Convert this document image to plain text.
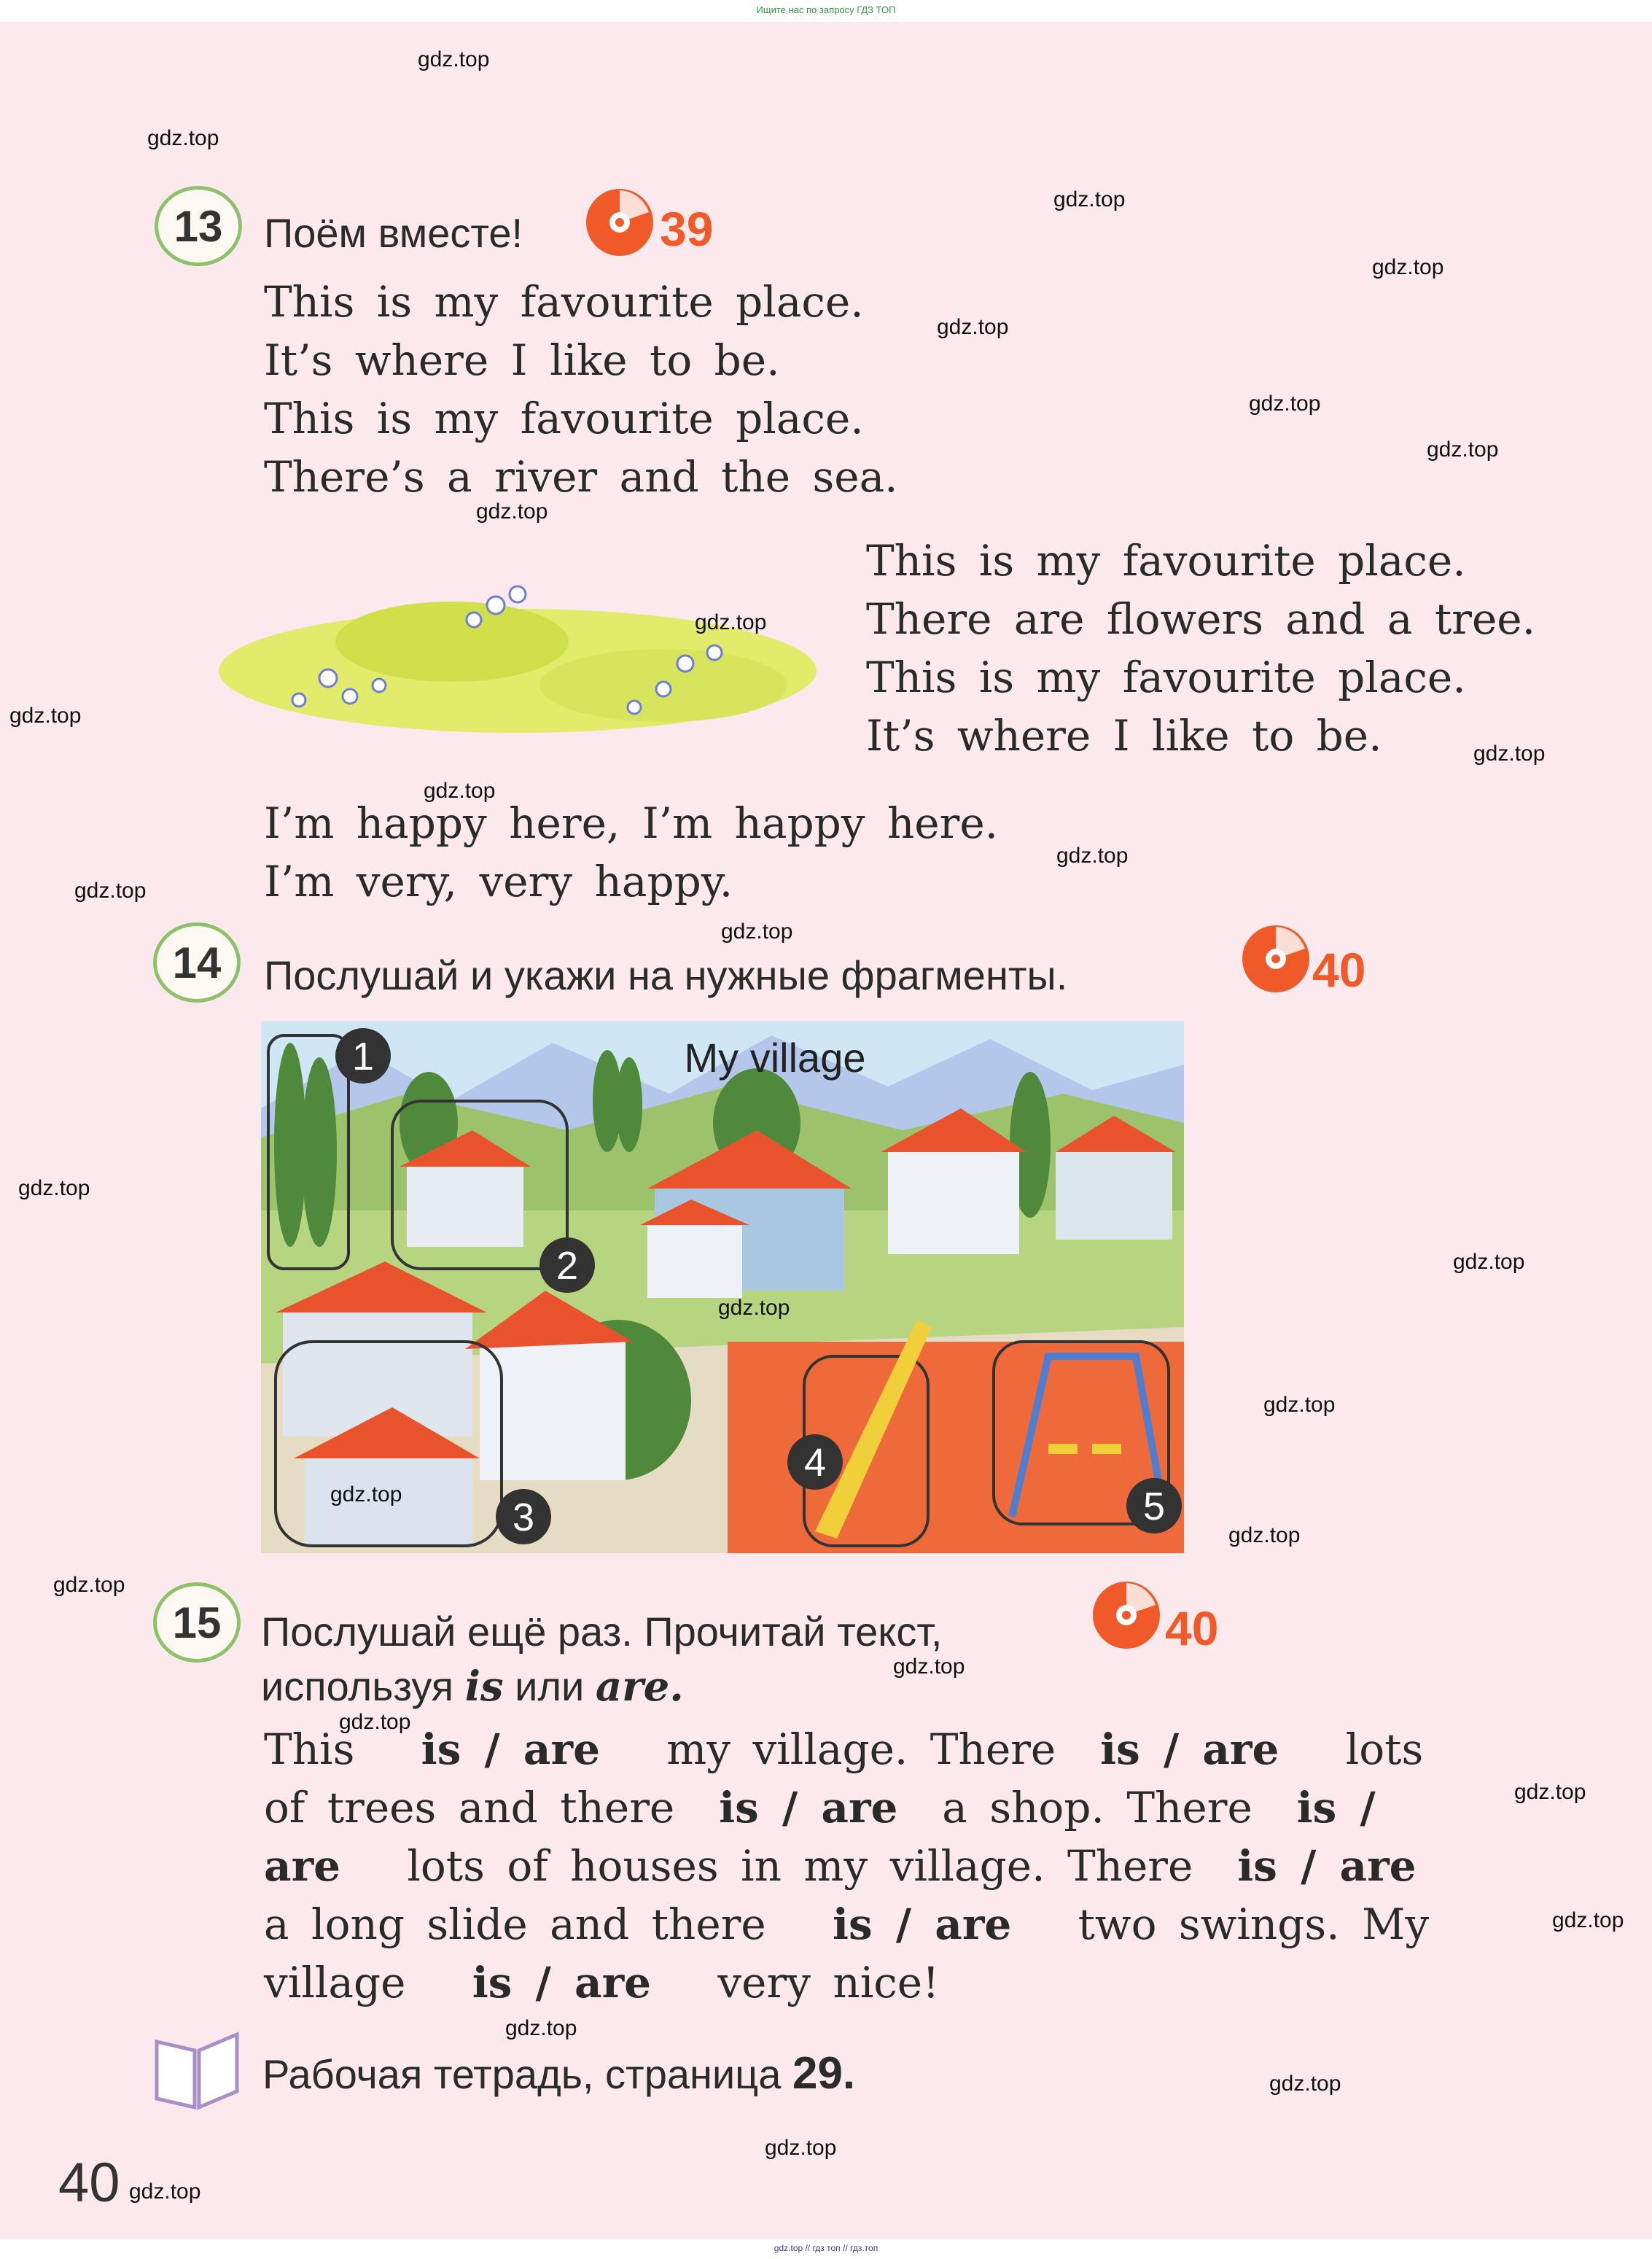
Ищите нас по запросу ГДЗ ТОП
13	Поём вместе!	39
This is my favourite place.
It’s where I like to be.
This is my favourite place.
There’s a river and the sea.
This is my favourite place.
There are flowers and a tree.
This is my favourite place.
It’s where I like to be.
I’m happy here, I’m happy here.
I’m very, very happy.
14	Послушай и укажи на нужные фрагменты.	40
My village
1
2
3
4
5
15 Послушай ещё раз. Прочитай текст,
используя is или are.
40
This is / are my village. There is / are lots
of trees and there is / are a shop. There is /
are lots of houses in my village. There is / are
a long slide and there is / are two swings. My
village is / are very nice!
Рабочая тетрадь, страница 29.
40
gdz.top
gdz.top
gdz.top
gdz.top
gdz.top
gdz.top
gdz.top
gdz.top
gdz.top
gdz.top
gdz.top
gdz.top
gdz.top
gdz.top
gdz.top
gdz.top
gdz.top
gdz.top
gdz.top
gdz.top
gdz.top
gdz.top
gdz.top
gdz.top
gdz.top
gdz.top
gdz.top
gdz.top
gdz.top
gdz.top
gdz.top // гдз топ // гдз.топ
